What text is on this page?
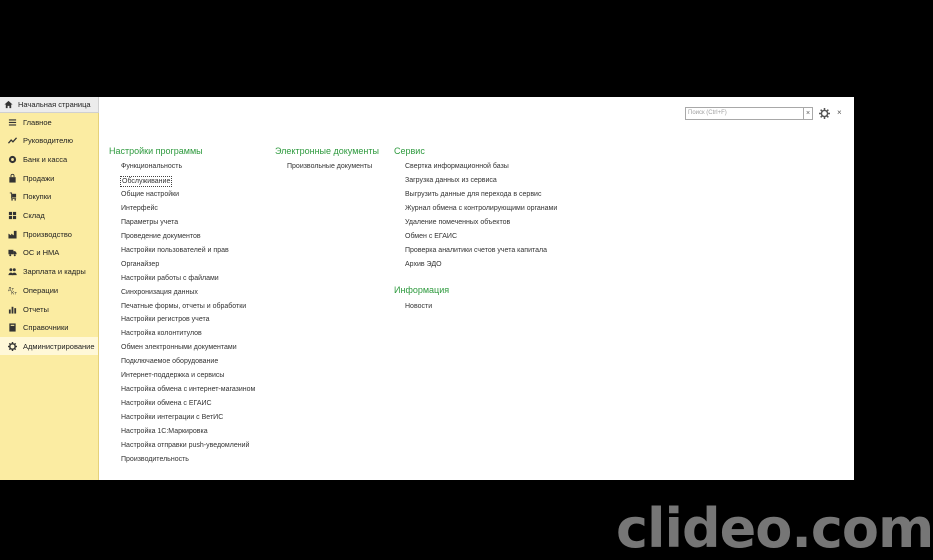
Начальная страница
Главное
Руководителю
Банк и касса
Продажи
Покупки
Склад
Производство
ОС и НМА
Зарплата и кадры
Дт
Кт Операции
Отчеты
Справочники
Администрирование
Поиск (Ctrl+F)	×	×
Настройки программы
Функциональность
Обслуживание
Общие настройки
Интерфейс
Параметры учета
Проведение документов
Настройки пользователей и прав
Органайзер
Настройки работы с файлами
Синхронизация данных
Печатные формы, отчеты и обработки
Настройки регистров учета
Настройка колонтитулов
Обмен электронными документами
Подключаемое оборудование
Интернет-поддержка и сервисы
Настройка обмена с интернет-магазином
Настройки обмена с ЕГАИС
Настройки интеграции с ВетИС
Настройка 1С:Маркировка
Настройка отправки push-уведомлений
Производительность
Электронные документы
Произвольные документы
Сервис
Свертка информационной базы
Загрузка данных из сервиса
Выгрузить данные для перехода в сервис
Журнал обмена с контролирующими органами
Удаление помеченных объектов
Обмен с ЕГАИС
Проверка аналитики счетов учета капитала
Архив ЭДО
Информация
Новости
clideo.com
